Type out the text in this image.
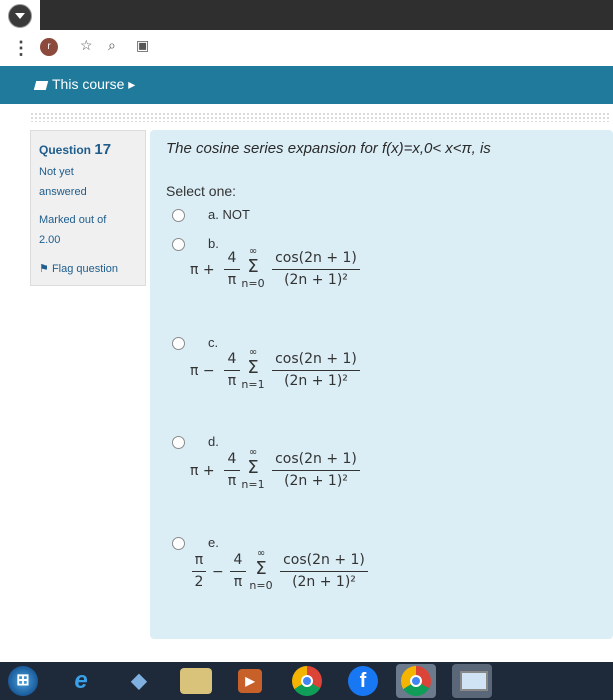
⋮	r	☆ ⌕ ▣
This course ▸
Question 17
Not yet
answered
Marked out of
2.00
⚑ Flag question
The cosine series expansion for f(x)=x,0< x<π, is
Select one:
a. NOT
b.
π +
4
π
∞
Σ
n=0
cos(2n + 1)
(2n + 1)²
c.
π −
4
π
∞
Σ
n=1
cos(2n + 1)
(2n + 1)²
d.
π +
4
π
∞
Σ
n=1
cos(2n + 1)
(2n + 1)²
e.
π
2
−
4
π
∞
Σ
n=0
cos(2n + 1)
(2n + 1)²
⊞	e	◆	▶	f
